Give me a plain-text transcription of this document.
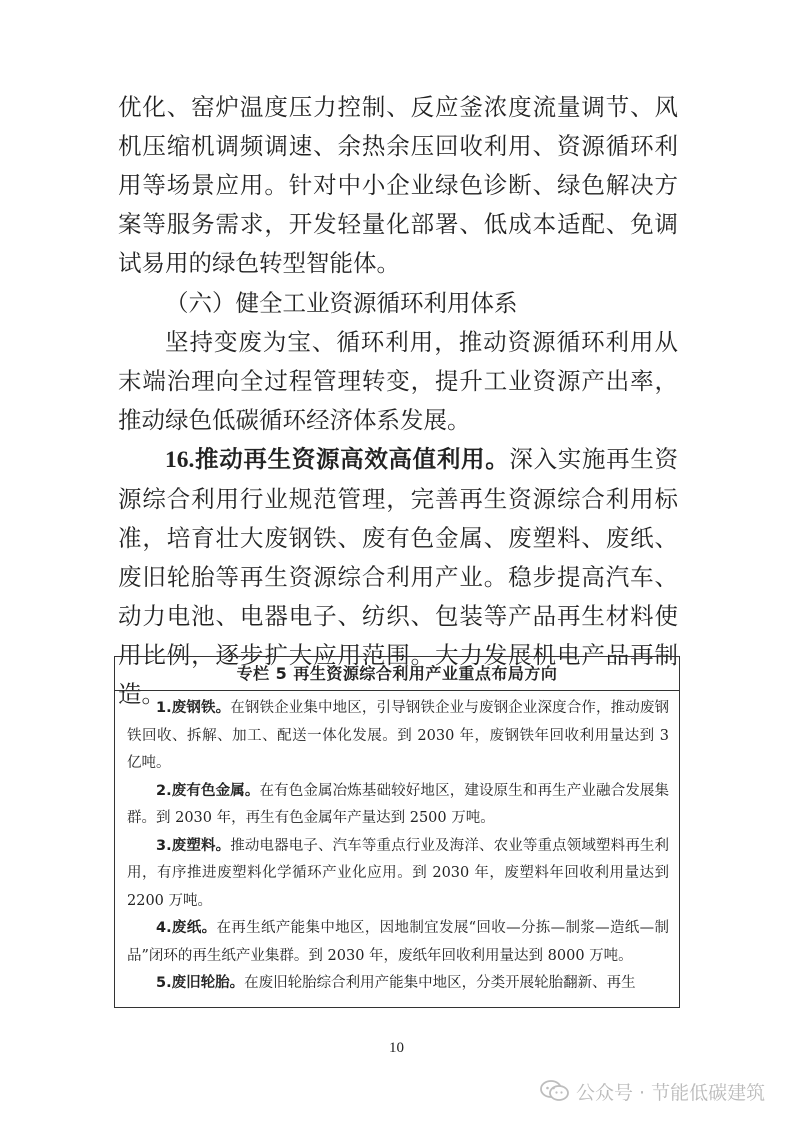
优化、窑炉温度压力控制、反应釜浓度流量调节、风机压缩机调频调速、余热余压回收利用、资源循环利用等场景应用。针对中小企业绿色诊断、绿色解决方案等服务需求，开发轻量化部署、低成本适配、免调试易用的绿色转型智能体。

（六）健全工业资源循环利用体系

坚持变废为宝、循环利用，推动资源循环利用从末端治理向全过程管理转变，提升工业资源产出率，推动绿色低碳循环经济体系发展。

16.推动再生资源高效高值利用。深入实施再生资源综合利用行业规范管理，完善再生资源综合利用标准，培育壮大废钢铁、废有色金属、废塑料、废纸、废旧轮胎等再生资源综合利用产业。稳步提高汽车、动力电池、电器电子、纺织、包装等产品再生材料使用比例，逐步扩大应用范围。大力发展机电产品再制造。

专栏 5 再生资源综合利用产业重点布局方向

1.废钢铁。在钢铁企业集中地区，引导钢铁企业与废钢企业深度合作，推动废钢铁回收、拆解、加工、配送一体化发展。到 2030 年，废钢铁年回收利用量达到 3 亿吨。

2.废有色金属。在有色金属冶炼基础较好地区，建设原生和再生产业融合发展集群。到 2030 年，再生有色金属年产量达到 2500 万吨。

3.废塑料。推动电器电子、汽车等重点行业及海洋、农业等重点领域塑料再生利用，有序推进废塑料化学循环产业化应用。到 2030 年，废塑料年回收利用量达到 2200 万吨。

4.废纸。在再生纸产能集中地区，因地制宜发展“回收—分拣—制浆—造纸—制品”闭环的再生纸产业集群。到 2030 年，废纸年回收利用量达到 8000 万吨。

5.废旧轮胎。在废旧轮胎综合利用产能集中地区，分类开展轮胎翻新、再生

10
公众号 · 节能低碳建筑
